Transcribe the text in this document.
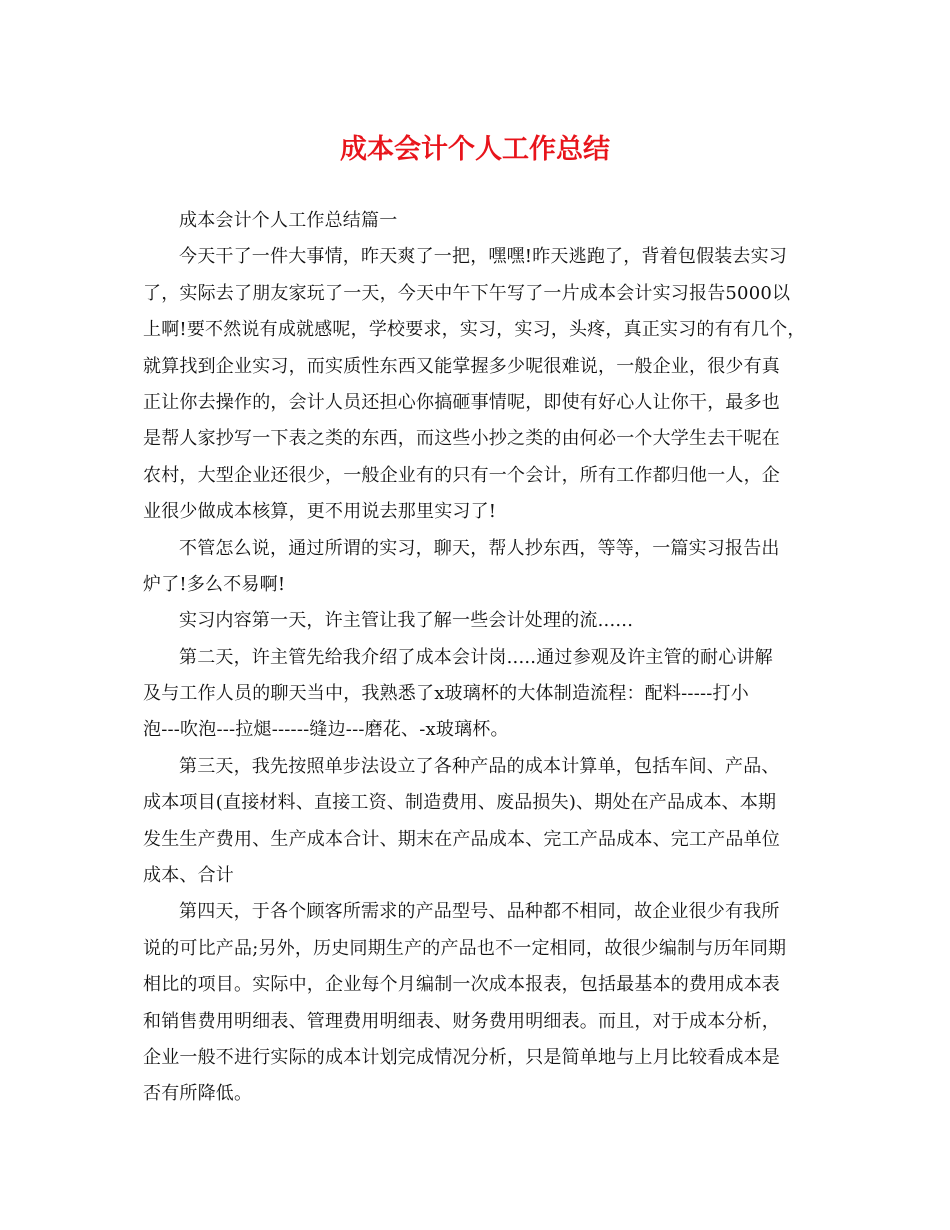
成本会计个人工作总结
成本会计个人工作总结篇一
今天干了一件大事情，昨天爽了一把，嘿嘿!昨天逃跑了，背着包假装去实习
了，实际去了朋友家玩了一天，今天中午下午写了一片成本会计实习报告5000以
上啊!要不然说有成就感呢，学校要求，实习，实习，头疼，真正实习的有有几个，
就算找到企业实习，而实质性东西又能掌握多少呢很难说，一般企业，很少有真
正让你去操作的，会计人员还担心你搞砸事情呢，即使有好心人让你干，最多也
是帮人家抄写一下表之类的东西，而这些小抄之类的由何必一个大学生去干呢在
农村，大型企业还很少，一般企业有的只有一个会计，所有工作都归他一人，企
业很少做成本核算，更不用说去那里实习了!
不管怎么说，通过所谓的实习，聊天，帮人抄东西，等等，一篇实习报告出
炉了!多么不易啊!
实习内容第一天，许主管让我了解一些会计处理的流......
第二天，许主管先给我介绍了成本会计岗.....通过参观及许主管的耐心讲解
及与工作人员的聊天当中，我熟悉了x玻璃杯的大体制造流程：配料-----打小
泡---吹泡---拉煺------缝边---磨花、-x玻璃杯。
第三天，我先按照单步法设立了各种产品的成本计算单，包括车间、产品、
成本项目(直接材料、直接工资、制造费用、废品损失)、期处在产品成本、本期
发生生产费用、生产成本合计、期末在产品成本、完工产品成本、完工产品单位
成本、合计
第四天，于各个顾客所需求的产品型号、品种都不相同，故企业很少有我所
说的可比产品;另外，历史同期生产的产品也不一定相同，故很少编制与历年同期
相比的项目。实际中，企业每个月编制一次成本报表，包括最基本的费用成本表
和销售费用明细表、管理费用明细表、财务费用明细表。而且，对于成本分析，
企业一般不进行实际的成本计划完成情况分析，只是简单地与上月比较看成本是
否有所降低。
